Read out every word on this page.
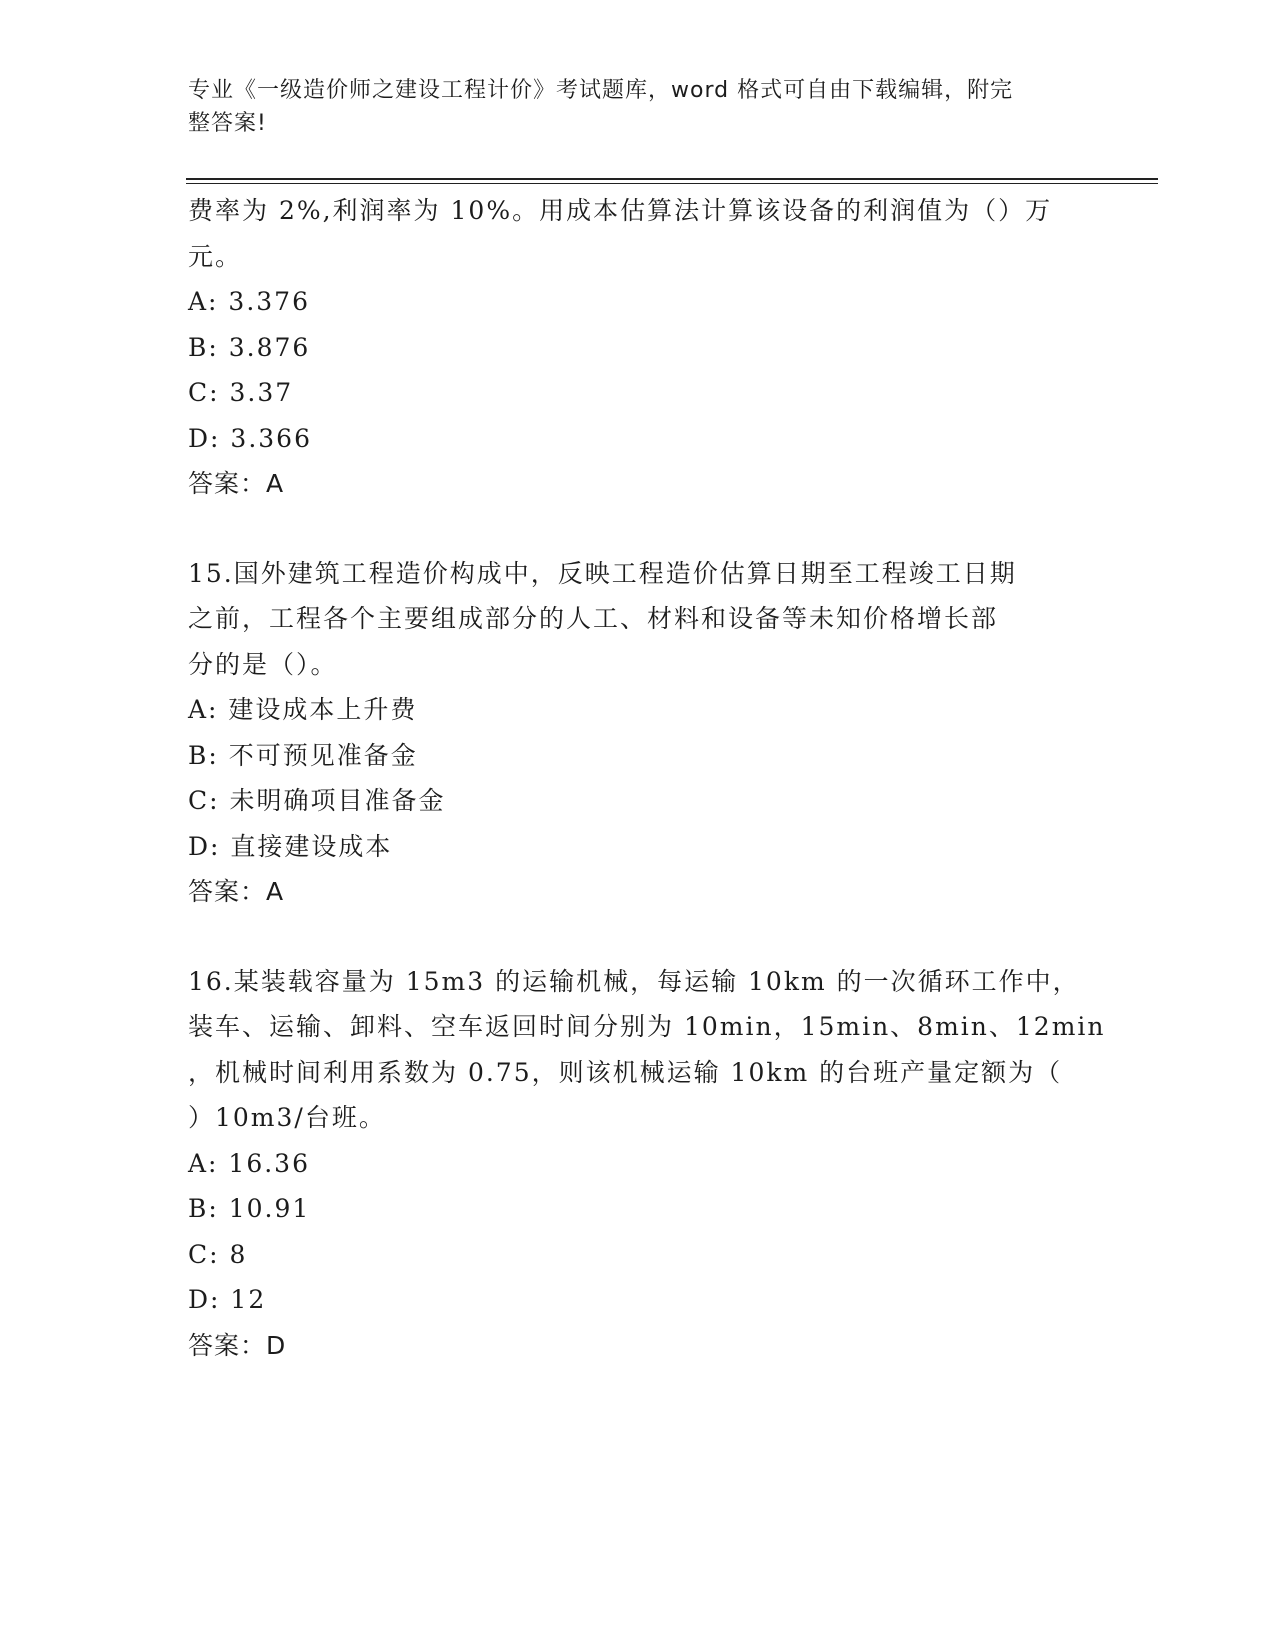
专业《一级造价师之建设工程计价》考试题库，word 格式可自由下载编辑，附完
整答案!
费率为 2%,利润率为 10%。用成本估算法计算该设备的利润值为（）万
元。
A: 3.376
B: 3.876
C: 3.37
D: 3.366
答案：A
15.国外建筑工程造价构成中，反映工程造价估算日期至工程竣工日期
之前，工程各个主要组成部分的人工、材料和设备等未知价格增长部
分的是（）。
A: 建设成本上升费
B: 不可预见准备金
C: 未明确项目准备金
D: 直接建设成本
答案：A
16.某装载容量为 15m3 的运输机械，每运输 10km 的一次循环工作中，
装车、运输、卸料、空车返回时间分别为 10min，15min、8min、12min
，机械时间利用系数为 0.75，则该机械运输 10km 的台班产量定额为（
）10m3/台班。
A: 16.36
B: 10.91
C: 8
D: 12
答案：D
